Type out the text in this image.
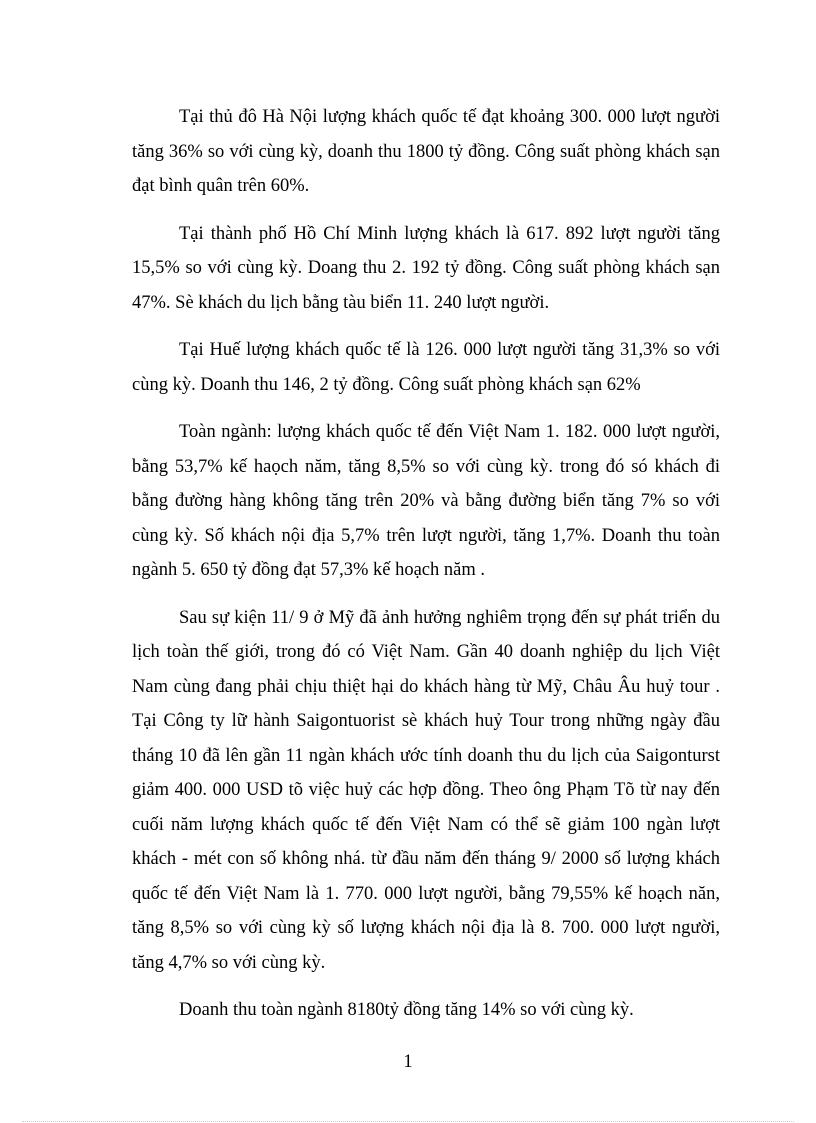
Tại thủ đô Hà Nội lượng khách quốc tế đạt khoảng 300. 000 lượt người tăng 36% so với cùng kỳ, doanh thu 1800 tỷ đồng. Công suất phòng khách sạn đạt bình quân trên 60%.

Tại thành phố Hồ Chí Minh lượng khách là 617. 892 lượt người tăng 15,5% so với cùng kỳ. Doang thu 2. 192 tỷ đồng. Công suất phòng khách sạn 47%. Sè khách du lịch bằng tàu biển 11. 240 lượt người.

Tại Huế lượng khách quốc tế là 126. 000 lượt người tăng 31,3% so với cùng kỳ. Doanh thu 146, 2 tỷ đồng. Công suất phòng khách sạn 62%

Toàn ngành: lượng khách quốc tế đến Việt Nam 1. 182. 000 lượt người, bằng 53,7% kế haọch năm, tăng 8,5% so với cùng kỳ. trong đó só khách đi bằng đường hàng không tăng trên 20% và bằng đường biển tăng 7% so với cùng kỳ. Số khách nội địa 5,7% trên lượt người, tăng 1,7%. Doanh thu toàn ngành 5. 650 tỷ đồng đạt 57,3% kế hoạch năm .

Sau sự kiện 11/ 9 ở Mỹ đã ảnh hưởng nghiêm trọng đến sự phát triển du lịch toàn thế giới, trong đó có Việt Nam. Gần 40 doanh nghiệp du lịch Việt Nam cùng đang phải chịu thiệt hại do khách hàng từ Mỹ, Châu Âu huỷ tour . Tại Công ty lữ hành Saigontuorist sè khách huỷ Tour trong những ngày đầu tháng 10 đã lên gần 11 ngàn khách ước tính doanh thu du lịch của Saigonturst giảm 400. 000 USD tõ việc huỷ các hợp đồng. Theo ông Phạm Tõ từ nay đến cuối năm lượng khách quốc tế đến Việt Nam có thể sẽ giảm 100 ngàn lượt khách - mét con số không nhá. từ đầu năm đến tháng 9/ 2000 số lượng khách quốc tế đến Việt Nam là 1. 770. 000 lượt người, bằng 79,55% kế hoạch năn, tăng 8,5% so với cùng kỳ số lượng khách nội địa là 8. 700. 000 lượt người, tăng 4,7% so với cùng kỳ.

Doanh thu toàn ngành 8180tỷ đồng tăng 14% so với cùng kỳ.

1
